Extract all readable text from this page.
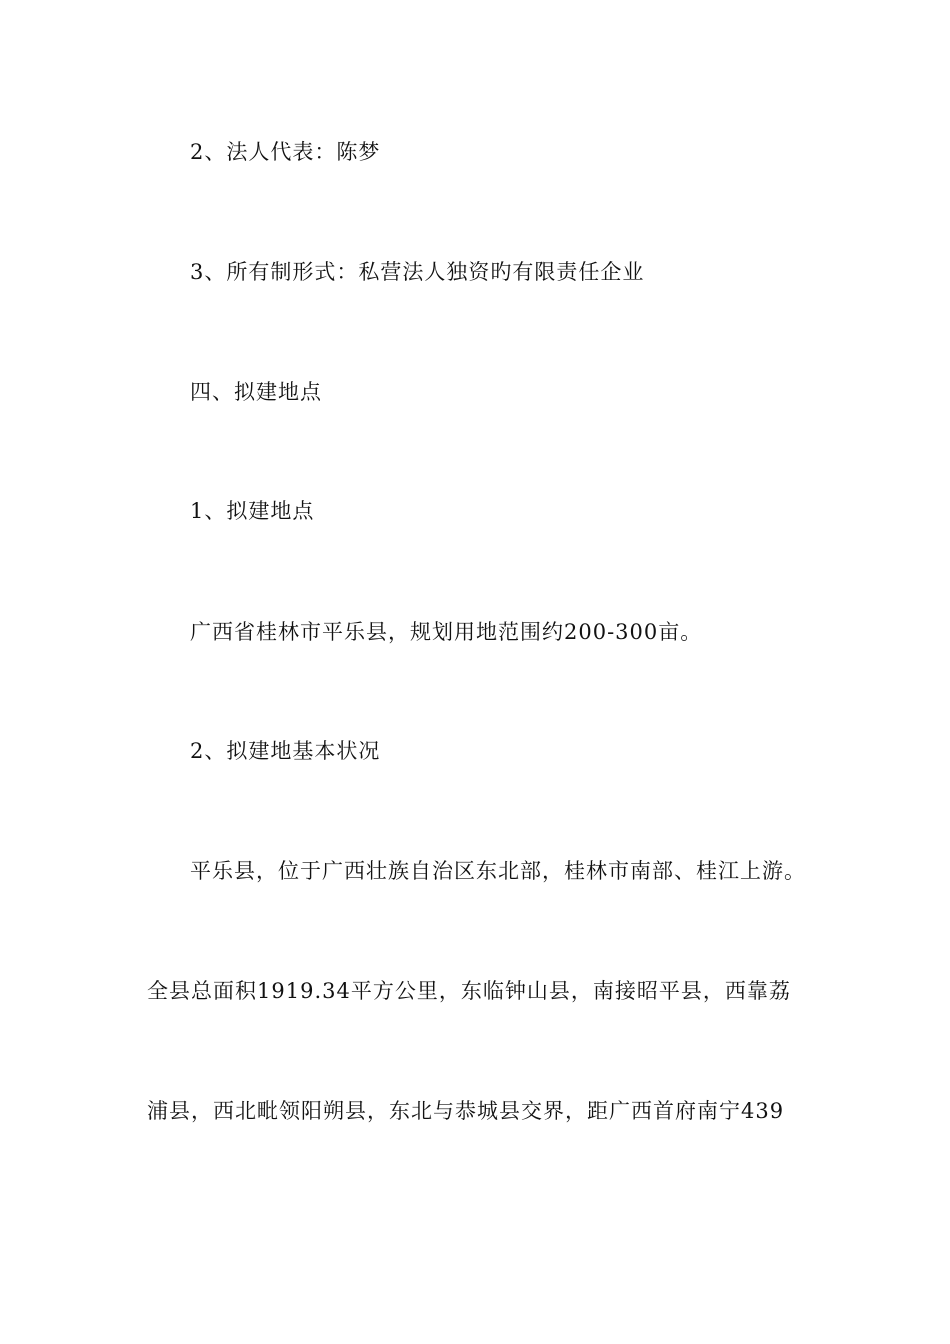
2、法人代表：陈梦
3、所有制形式：私营法人独资旳有限责任企业
四、拟建地点
1、拟建地点
广西省桂林市平乐县，规划用地范围约200-300亩。
2、拟建地基本状况
平乐县，位于广西壮族自治区东北部，桂林市南部、桂江上游。
全县总面积1919.34平方公里，东临钟山县，南接昭平县，西靠荔
浦县，西北毗领阳朔县，东北与恭城县交界，距广西首府南宁439
